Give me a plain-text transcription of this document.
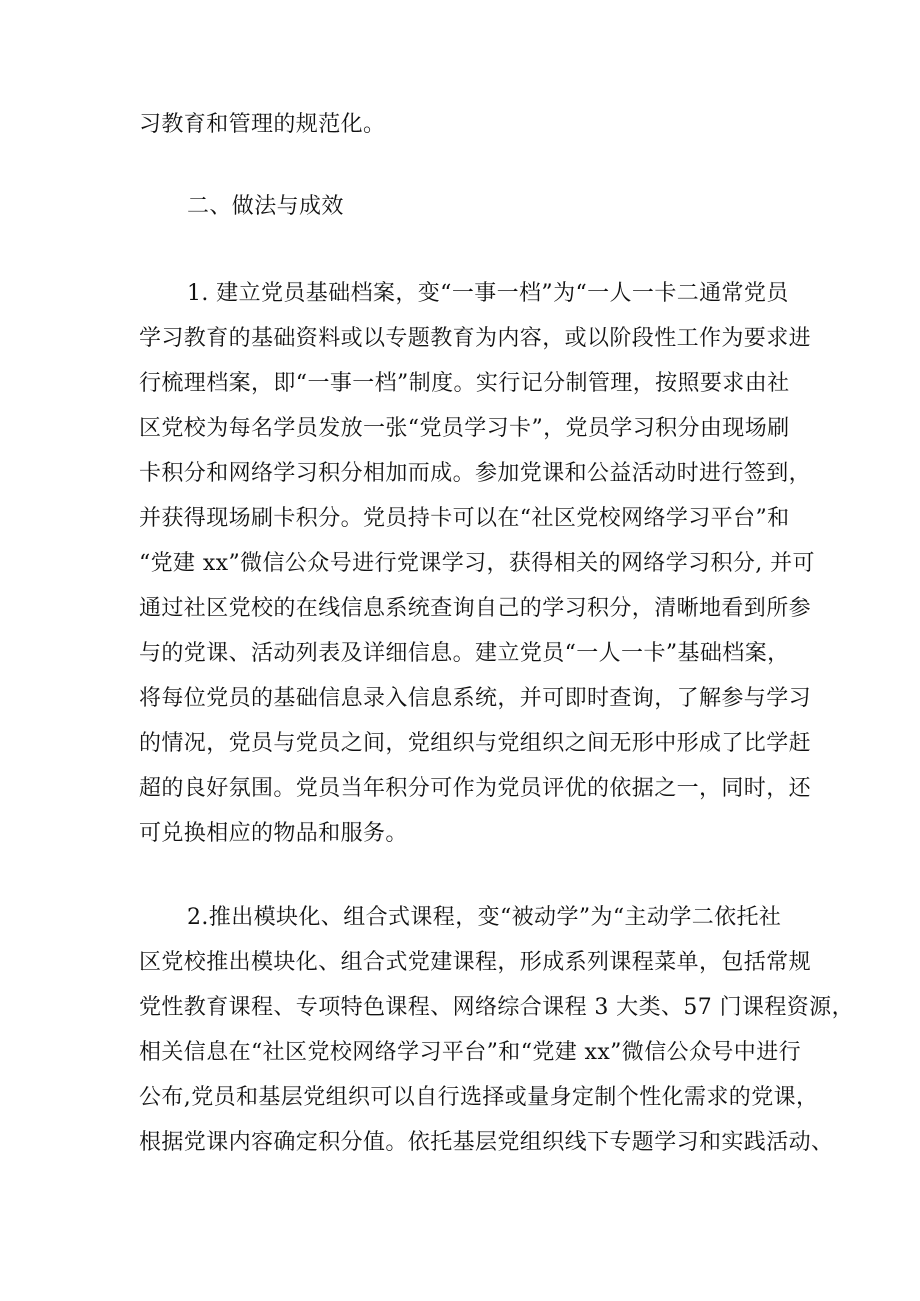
习教育和管理的规范化。
二、做法与成效
1. 建立党员基础档案，变“一事一档”为“一人一卡二通常党员
学习教育的基础资料或以专题教育为内容，或以阶段性工作为要求进
行梳理档案，即“一事一档”制度。实行记分制管理，按照要求由社
区党校为每名学员发放一张“党员学习卡”，党员学习积分由现场刷
卡积分和网络学习积分相加而成。参加党课和公益活动时进行签到，
并获得现场刷卡积分。党员持卡可以在“社区党校网络学习平台”和
“党建 xx”微信公众号进行党课学习，获得相关的网络学习积分, 并可
通过社区党校的在线信息系统查询自己的学习积分，清晰地看到所参
与的党课、活动列表及详细信息。建立党员“一人一卡”基础档案，
将每位党员的基础信息录入信息系统，并可即时查询，了解参与学习
的情况，党员与党员之间，党组织与党组织之间无形中形成了比学赶
超的良好氛围。党员当年积分可作为党员评优的依据之一，同时，还
可兑换相应的物品和服务。
2.推出模块化、组合式课程，变“被动学”为“主动学二依托社
区党校推出模块化、组合式党建课程，形成系列课程菜单，包括常规
党性教育课程、专项特色课程、网络综合课程 3 大类、57 门课程资源，
相关信息在“社区党校网络学习平台”和“党建 xx”微信公众号中进行
公布,党员和基层党组织可以自行选择或量身定制个性化需求的党课，
根据党课内容确定积分值。依托基层党组织线下专题学习和实践活动、
